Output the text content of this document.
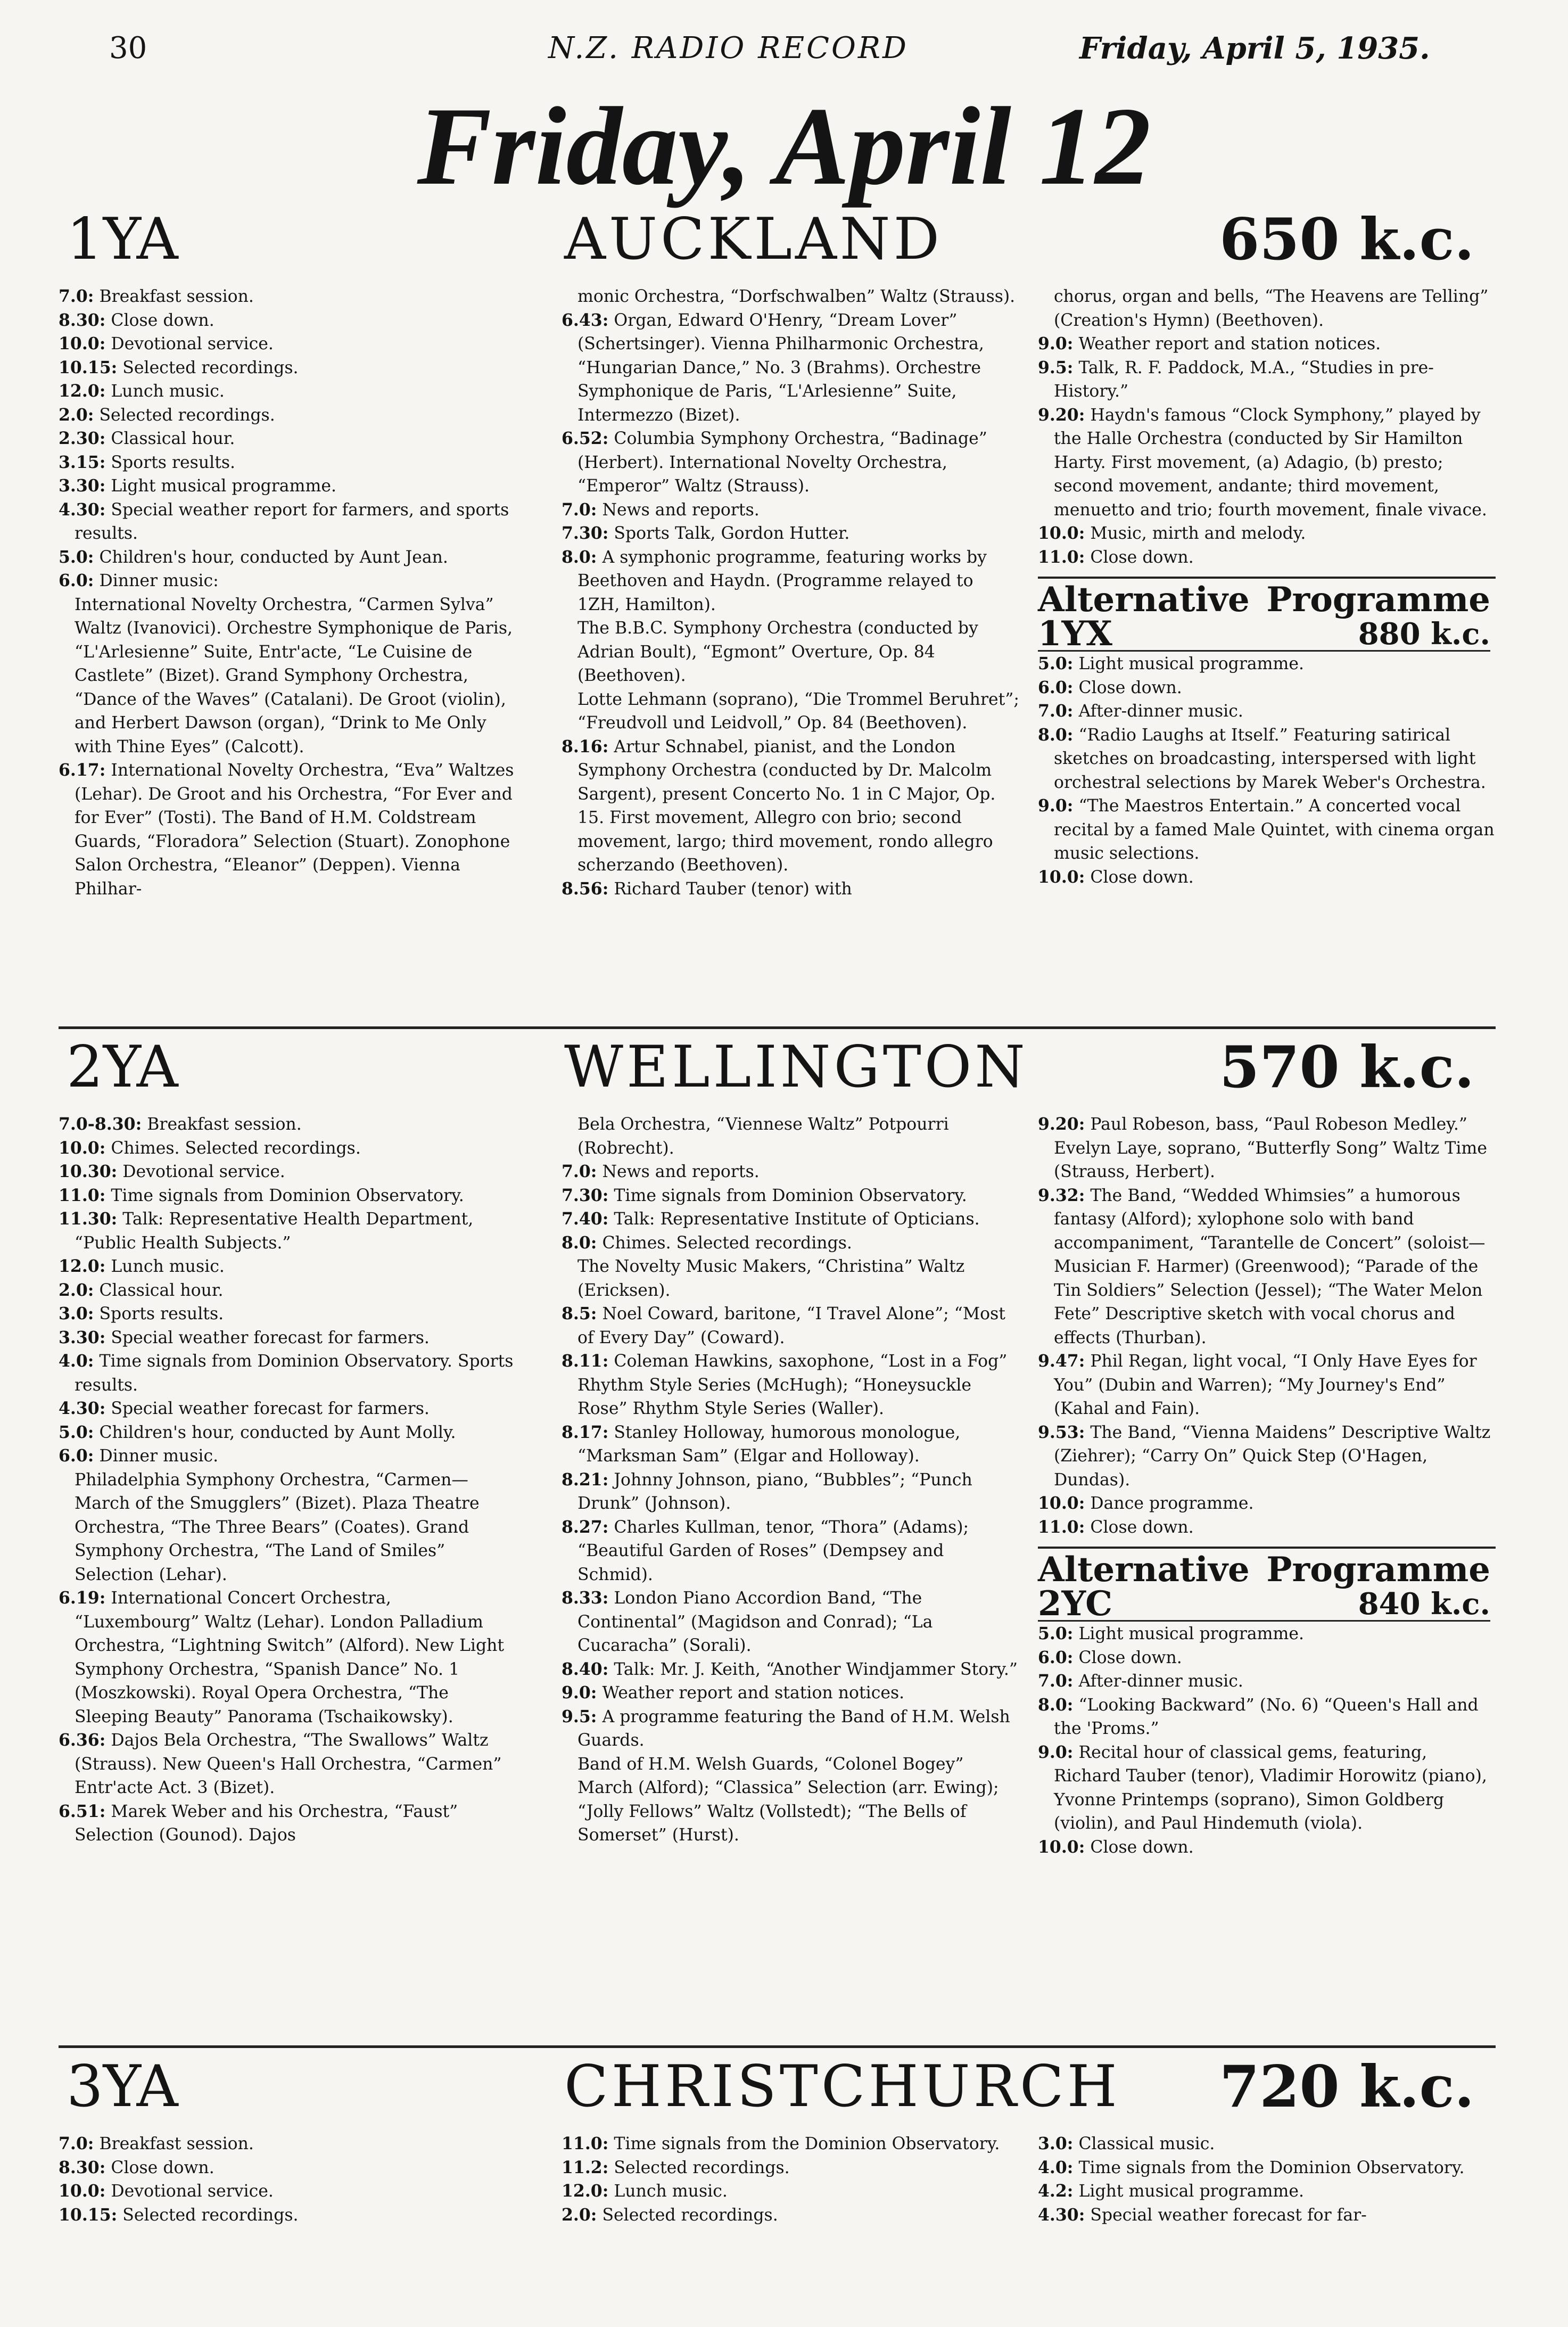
30	N.Z. RADIO RECORD	Friday, April 5, 1935.
Friday, April 12
1YA	AUCKLAND	650 k.c.

7.0: Breakfast session.

8.30: Close down.

10.0: Devotional service.

10.15: Selected recordings.

12.0: Lunch music.

2.0: Selected recordings.

2.30: Classical hour.

3.15: Sports results.

3.30: Light musical programme.

4.30: Special weather report for farmers, and sports results.

5.0: Children's hour, conducted by Aunt Jean.

6.0: Dinner music:

International Novelty Orchestra, “Carmen Sylva” Waltz (Ivanovici). Orchestre Symphonique de Paris, “L'Arlesienne” Suite, Entr'acte, “Le Cuisine de Castlete” (Bizet). Grand Symphony Orchestra, “Dance of the Waves” (Catalani). De Groot (violin), and Herbert Dawson (organ), “Drink to Me Only with Thine Eyes” (Calcott).

6.17: International Novelty Orchestra, “Eva” Waltzes (Lehar). De Groot and his Orchestra, “For Ever and for Ever” (Tosti). The Band of H.M. Coldstream Guards, “Floradora” Selection (Stuart). Zonophone Salon Orchestra, “Eleanor” (Deppen). Vienna Philhar-

monic Orchestra, “Dorfschwalben” Waltz (Strauss).

6.43: Organ, Edward O'Henry, “Dream Lover” (Schertsinger). Vienna Philharmonic Orchestra, “Hungarian Dance,” No. 3 (Brahms). Orchestre Symphonique de Paris, “L'Arlesienne” Suite, Intermezzo (Bizet).

6.52: Columbia Symphony Orchestra, “Badinage” (Herbert). International Novelty Orchestra, “Emperor” Waltz (Strauss).

7.0: News and reports.

7.30: Sports Talk, Gordon Hutter.

8.0: A symphonic programme, featuring works by Beethoven and Haydn. (Programme relayed to 1ZH, Hamilton).

The B.B.C. Symphony Orchestra (conducted by Adrian Boult), “Egmont” Overture, Op. 84 (Beethoven).

Lotte Lehmann (soprano), “Die Trommel Beruhret”; “Freudvoll und Leidvoll,” Op. 84 (Beethoven).

8.16: Artur Schnabel, pianist, and the London Symphony Orchestra (conducted by Dr. Malcolm Sargent), present Concerto No. 1 in C Major, Op. 15. First movement, Allegro con brio; second movement, largo; third movement, rondo allegro scherzando (Beethoven).

8.56: Richard Tauber (tenor) with

chorus, organ and bells, “The Heavens are Telling” (Creation's Hymn) (Beethoven).

9.0: Weather report and station notices.

9.5: Talk, R. F. Paddock, M.A., “Studies in pre-History.”

9.20: Haydn's famous “Clock Symphony,” played by the Halle Orchestra (conducted by Sir Hamilton Harty. First movement, (a) Adagio, (b) presto; second movement, andante; third movement, menuetto and trio; fourth movement, finale vivace.

10.0: Music, mirth and melody.

11.0: Close down.

Alternative Programme
1YX	880 k.c.

5.0: Light musical programme.

6.0: Close down.

7.0: After-dinner music.

8.0: “Radio Laughs at Itself.” Featuring satirical sketches on broadcasting, interspersed with light orchestral selections by Marek Weber's Orchestra.

9.0: “The Maestros Entertain.” A concerted vocal recital by a famed Male Quintet, with cinema organ music selections.

10.0: Close down.

2YA	WELLINGTON	570 k.c.

7.0-8.30: Breakfast session.

10.0: Chimes. Selected recordings.

10.30: Devotional service.

11.0: Time signals from Dominion Observatory.

11.30: Talk: Representative Health Department, “Public Health Subjects.”

12.0: Lunch music.

2.0: Classical hour.

3.0: Sports results.

3.30: Special weather forecast for farmers.

4.0: Time signals from Dominion Observatory. Sports results.

4.30: Special weather forecast for farmers.

5.0: Children's hour, conducted by Aunt Molly.

6.0: Dinner music.

Philadelphia Symphony Orchestra, “Carmen—March of the Smugglers” (Bizet). Plaza Theatre Orchestra, “The Three Bears” (Coates). Grand Symphony Orchestra, “The Land of Smiles” Selection (Lehar).

6.19: International Concert Orchestra, “Luxembourg” Waltz (Lehar). London Palladium Orchestra, “Lightning Switch” (Alford). New Light Symphony Orchestra, “Spanish Dance” No. 1 (Moszkowski). Royal Opera Orchestra, “The Sleeping Beauty” Panorama (Tschaikowsky).

6.36: Dajos Bela Orchestra, “The Swallows” Waltz (Strauss). New Queen's Hall Orchestra, “Carmen” Entr'acte Act. 3 (Bizet).

6.51: Marek Weber and his Orchestra, “Faust” Selection (Gounod). Dajos

Bela Orchestra, “Viennese Waltz” Potpourri (Robrecht).

7.0: News and reports.

7.30: Time signals from Dominion Observatory.

7.40: Talk: Representative Institute of Opticians.

8.0: Chimes. Selected recordings.

The Novelty Music Makers, “Christina” Waltz (Ericksen).

8.5: Noel Coward, baritone, “I Travel Alone”; “Most of Every Day” (Coward).

8.11: Coleman Hawkins, saxophone, “Lost in a Fog” Rhythm Style Series (McHugh); “Honeysuckle Rose” Rhythm Style Series (Waller).

8.17: Stanley Holloway, humorous monologue, “Marksman Sam” (Elgar and Holloway).

8.21: Johnny Johnson, piano, “Bubbles”; “Punch Drunk” (Johnson).

8.27: Charles Kullman, tenor, “Thora” (Adams); “Beautiful Garden of Roses” (Dempsey and Schmid).

8.33: London Piano Accordion Band, “The Continental” (Magidson and Conrad); “La Cucaracha” (Sorali).

8.40: Talk: Mr. J. Keith, “Another Windjammer Story.”

9.0: Weather report and station notices.

9.5: A programme featuring the Band of H.M. Welsh Guards.

Band of H.M. Welsh Guards, “Colonel Bogey” March (Alford); “Classica” Selection (arr. Ewing); “Jolly Fellows” Waltz (Vollstedt); “The Bells of Somerset” (Hurst).

9.20: Paul Robeson, bass, “Paul Robeson Medley.” Evelyn Laye, soprano, “Butterfly Song” Waltz Time (Strauss, Herbert).

9.32: The Band, “Wedded Whimsies” a humorous fantasy (Alford); xylophone solo with band accompaniment, “Tarantelle de Concert” (soloist—Musician F. Harmer) (Greenwood); “Parade of the Tin Soldiers” Selection (Jessel); “The Water Melon Fete” Descriptive sketch with vocal chorus and effects (Thurban).

9.47: Phil Regan, light vocal, “I Only Have Eyes for You” (Dubin and Warren); “My Journey's End” (Kahal and Fain).

9.53: The Band, “Vienna Maidens” Descriptive Waltz (Ziehrer); “Carry On” Quick Step (O'Hagen, Dundas).

10.0: Dance programme.

11.0: Close down.

Alternative Programme
2YC	840 k.c.

5.0: Light musical programme.

6.0: Close down.

7.0: After-dinner music.

8.0: “Looking Backward” (No. 6) “Queen's Hall and the 'Proms.”

9.0: Recital hour of classical gems, featuring, Richard Tauber (tenor), Vladimir Horowitz (piano), Yvonne Printemps (soprano), Simon Goldberg (violin), and Paul Hindemuth (viola).

10.0: Close down.

3YA	CHRISTCHURCH 720 k.c.

7.0: Breakfast session.

8.30: Close down.

10.0: Devotional service.

10.15: Selected recordings.

11.0: Time signals from the Dominion Observatory.

11.2: Selected recordings.

12.0: Lunch music.

2.0: Selected recordings.

3.0: Classical music.

4.0: Time signals from the Dominion Observatory.

4.2: Light musical programme.

4.30: Special weather forecast for far-
